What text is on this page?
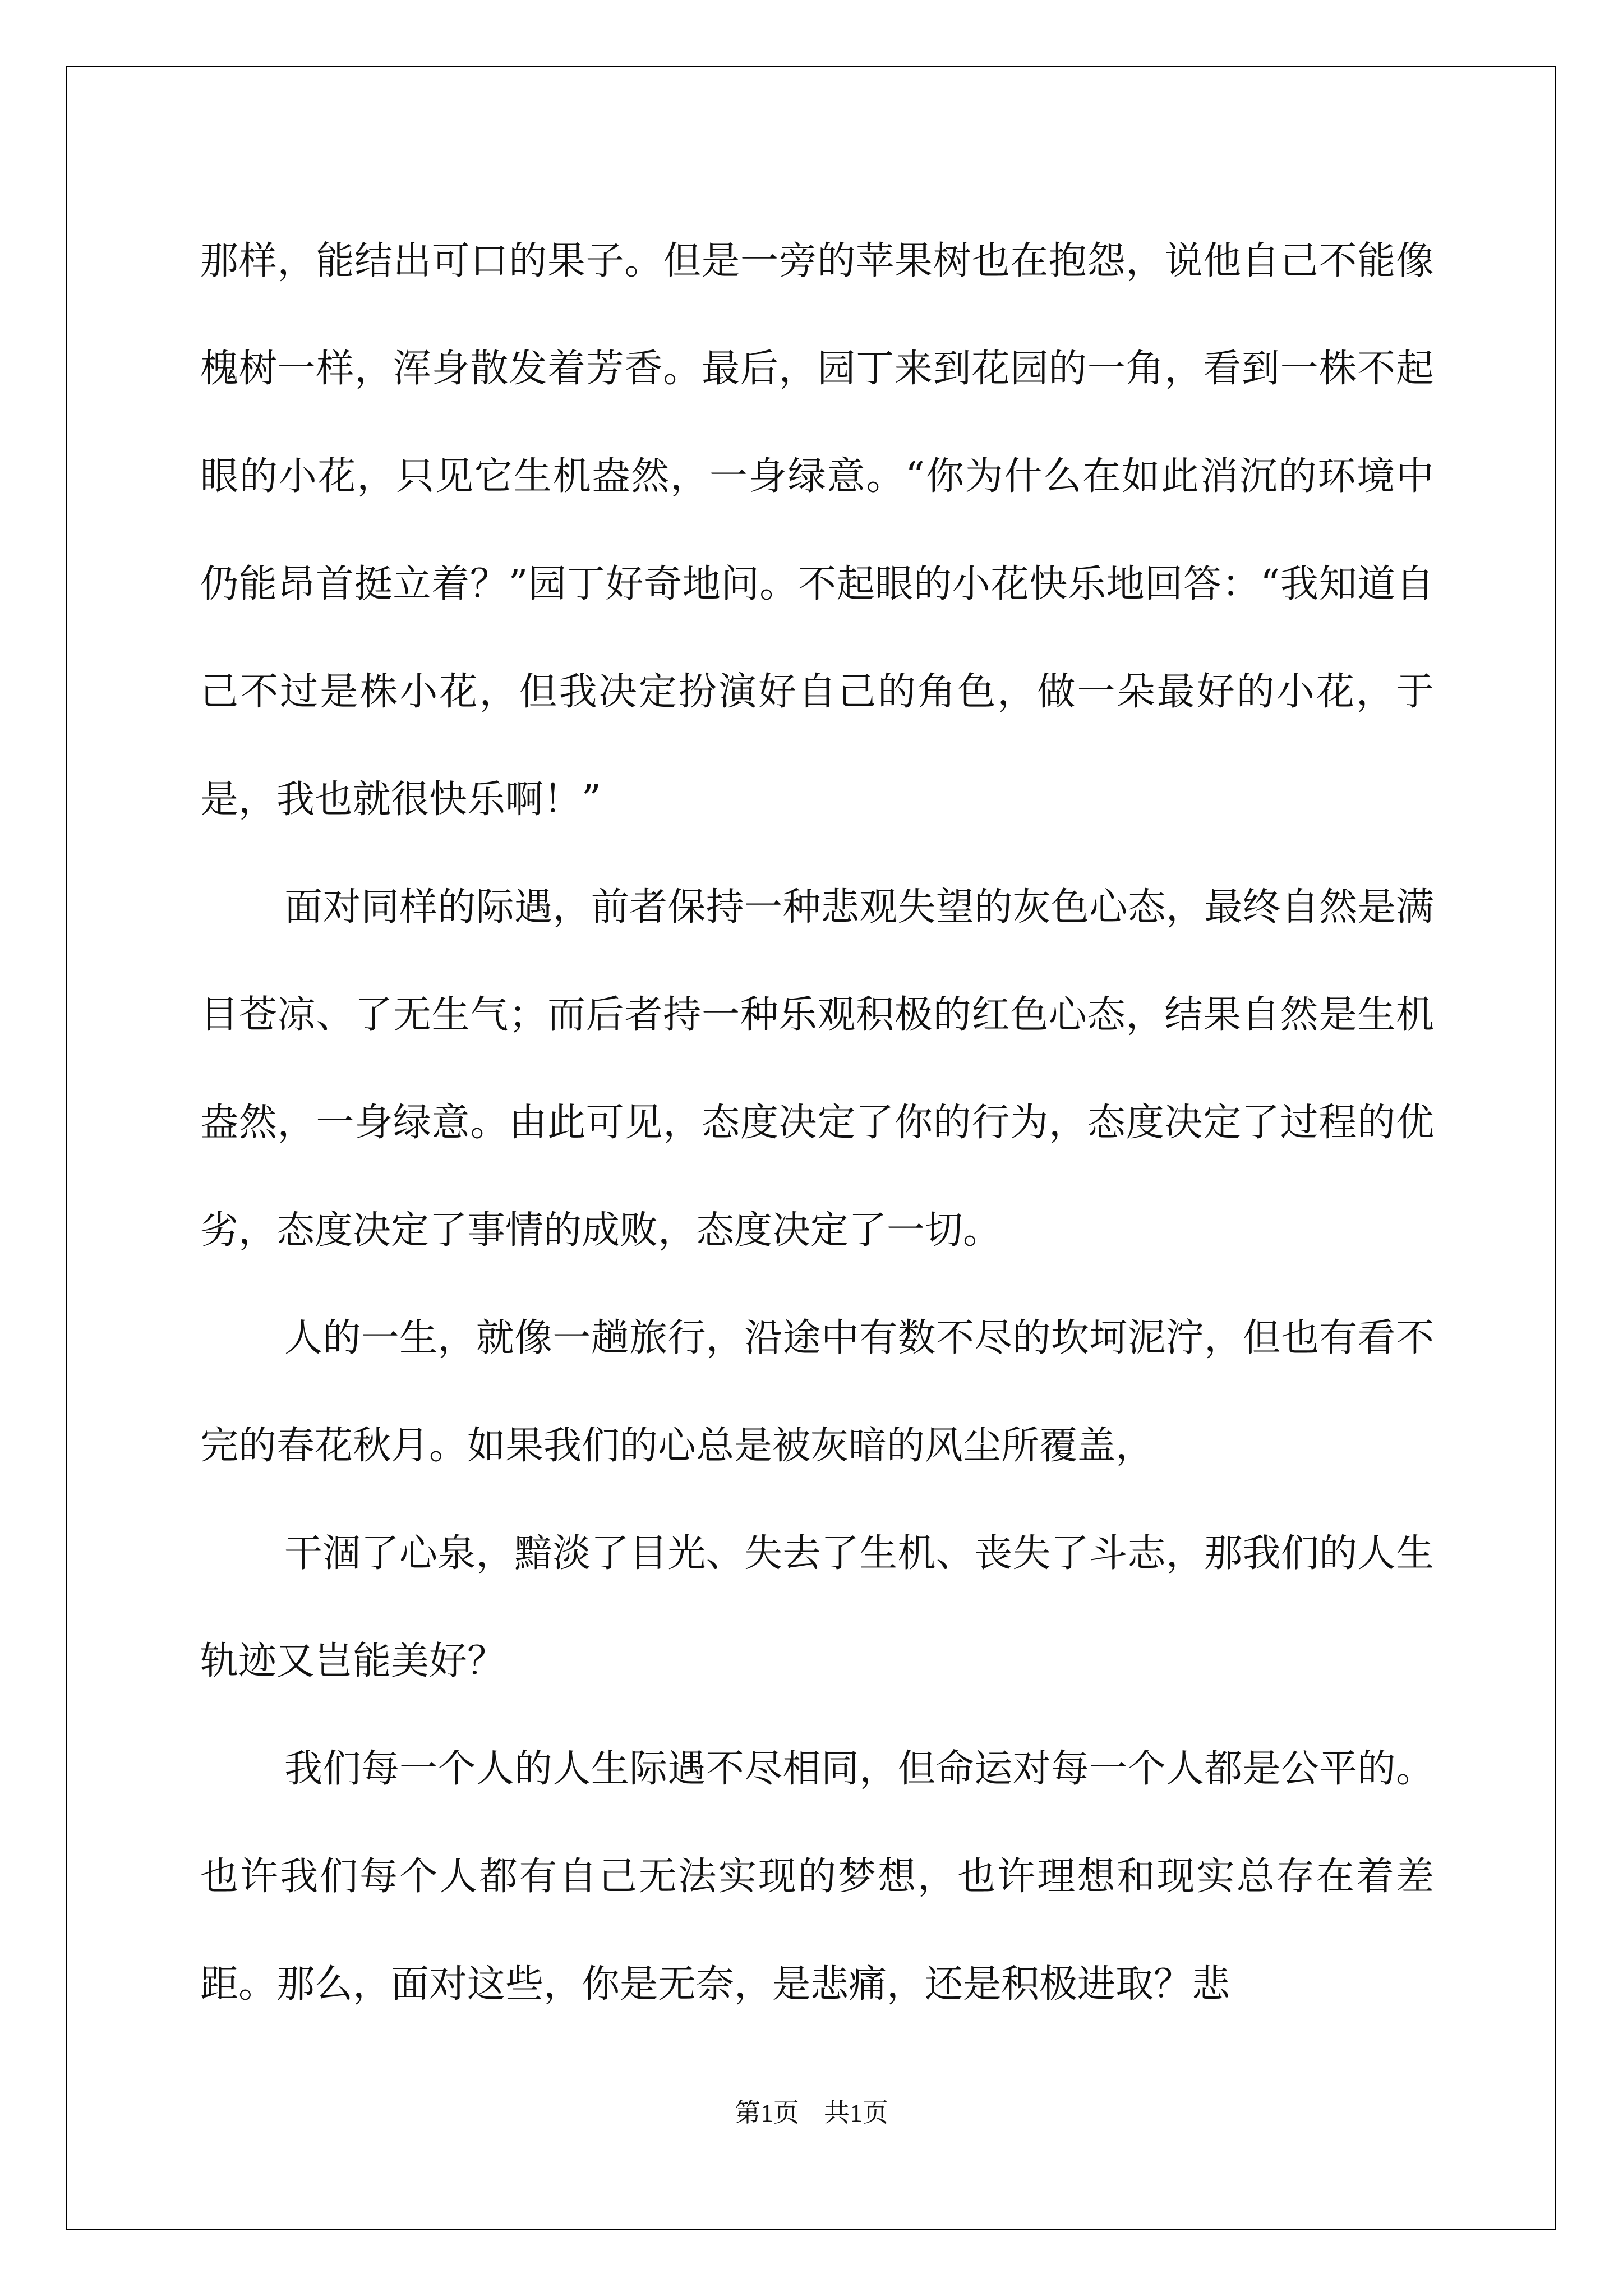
那样，能结出可口的果子。但是一旁的苹果树也在抱怨，说他自己不能像槐树一样，浑身散发着芳香。最后，园丁来到花园的一角，看到一株不起眼的小花，只见它生机盎然，一身绿意。“你为什么在如此消沉的环境中仍能昂首挺立着？”园丁好奇地问。不起眼的小花快乐地回答：“我知道自己不过是株小花，但我决定扮演好自己的角色，做一朵最好的小花，于是，我也就很快乐啊！”

面对同样的际遇，前者保持一种悲观失望的灰色心态，最终自然是满目苍凉、了无生气；而后者持一种乐观积极的红色心态，结果自然是生机盎然，一身绿意。由此可见，态度决定了你的行为，态度决定了过程的优劣，态度决定了事情的成败，态度决定了一切。

人的一生，就像一趟旅行，沿途中有数不尽的坎坷泥泞，但也有看不完的春花秋月。如果我们的心总是被灰暗的风尘所覆盖，

干涸了心泉，黯淡了目光、失去了生机、丧失了斗志，那我们的人生轨迹又岂能美好？

我们每一个人的人生际遇不尽相同，但命运对每一个人都是公平的。也许我们每个人都有自己无法实现的梦想，也许理想和现实总存在着差距。那么，面对这些，你是无奈，是悲痛，还是积极进取？悲

第1页 共1页
